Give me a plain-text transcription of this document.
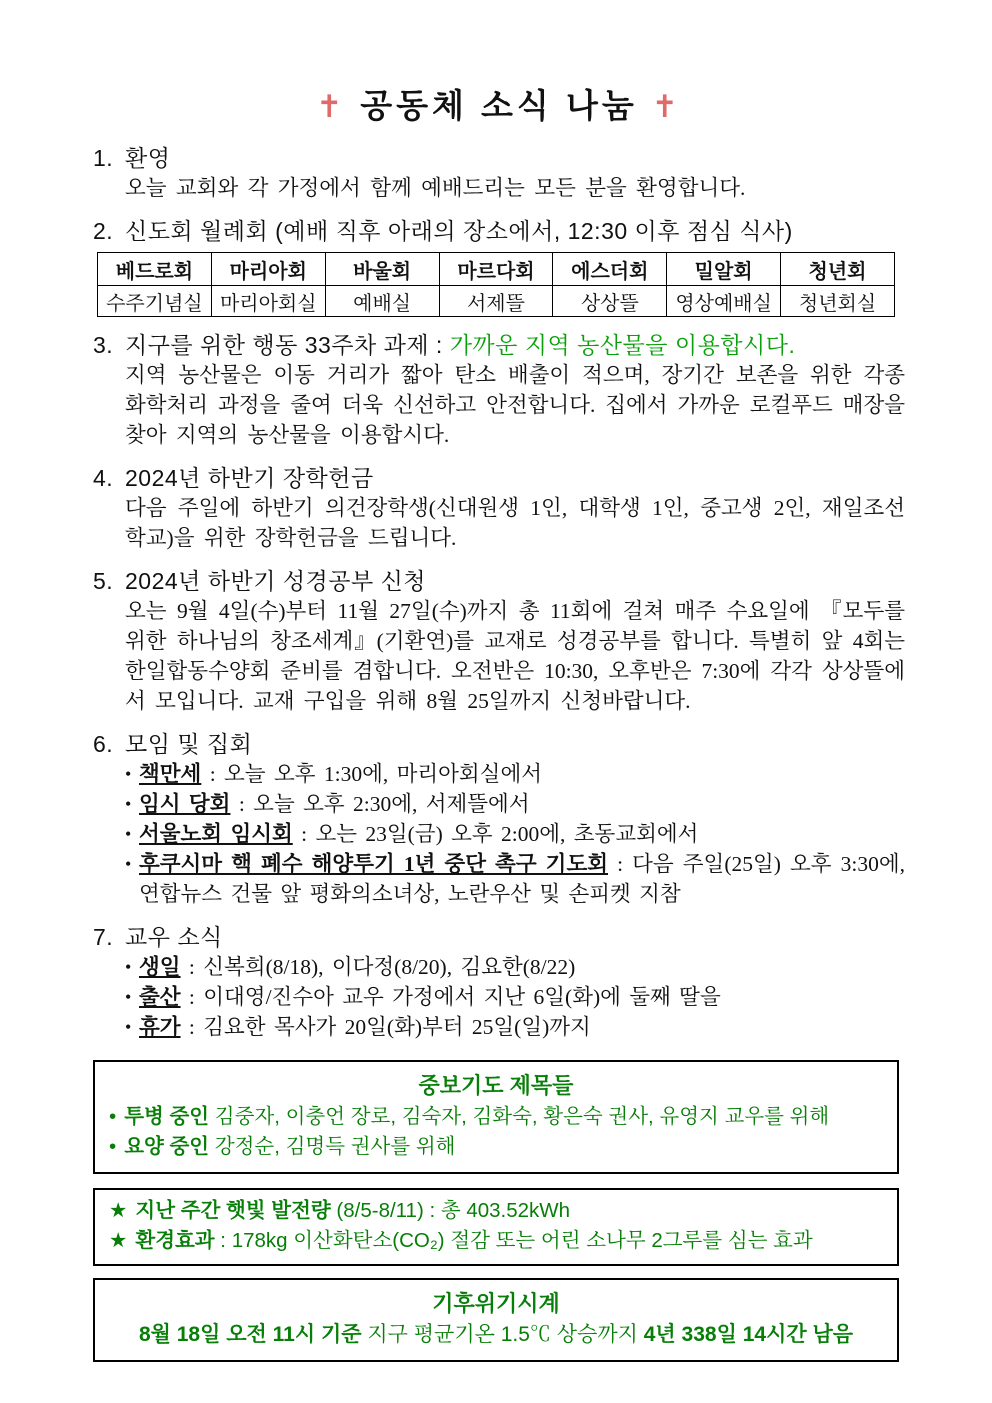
✝ 공동체 소식 나눔 ✝
1. 환영
오늘 교회와 각 가정에서 함께 예배드리는 모든 분을 환영합니다.
2. 신도회 월례회 (예배 직후 아래의 장소에서, 12:30 이후 점심 식사)
베드로회	마리아회	바울회	마르다회	에스더회	밀알회	청년회
수주기념실	마리아회실	예배실	서제뜰	상상뜰	영상예배실	청년회실
3. 지구를 위한 행동 33주차 과제 : 가까운 지역 농산물을 이용합시다.
지역 농산물은 이동 거리가 짧아 탄소 배출이 적으며, 장기간 보존을 위한 각종 화학처리 과정을 줄여 더욱 신선하고 안전합니다. 집에서 가까운 로컬푸드 매장을 찾아 지역의 농산물을 이용합시다.
4. 2024년 하반기 장학헌금
다음 주일에 하반기 의건장학생(신대원생 1인, 대학생 1인, 중고생 2인, 재일조선학교)을 위한 장학헌금을 드립니다.
5. 2024년 하반기 성경공부 신청
오는 9월 4일(수)부터 11월 27일(수)까지 총 11회에 걸쳐 매주 수요일에 『모두를 위한 하나님의 창조세계』(기환연)를 교재로 성경공부를 합니다. 특별히 앞 4회는 한일합동수양회 준비를 겸합니다. 오전반은 10:30, 오후반은 7:30에 각각 상상뜰에서 모입니다. 교재 구입을 위해 8월 25일까지 신청바랍니다.
6. 모임 및 집회
• 책만세 : 오늘 오후 1:30에, 마리아회실에서
• 임시 당회 : 오늘 오후 2:30에, 서제뜰에서
• 서울노회 임시회 : 오는 23일(금) 오후 2:00에, 초동교회에서
• 후쿠시마 핵 폐수 해양투기 1년 중단 촉구 기도회 : 다음 주일(25일) 오후 3:30에, 연합뉴스 건물 앞 평화의소녀상, 노란우산 및 손피켓 지참
7. 교우 소식
• 생일 : 신복희(8/18), 이다정(8/20), 김요한(8/22)
• 출산 : 이대영/진수아 교우 가정에서 지난 6일(화)에 둘째 딸을
• 휴가 : 김요한 목사가 20일(화)부터 25일(일)까지
중보기도 제목들
• 투병 중인 김중자, 이충언 장로, 김숙자, 김화숙, 황은숙 권사, 유영지 교우를 위해
• 요양 중인 강정순, 김명득 권사를 위해
★ 지난 주간 햇빛 발전량 (8/5-8/11) : 총 403.52kWh
★ 환경효과 : 178kg 이산화탄소(CO₂) 절감 또는 어린 소나무 2그루를 심는 효과
기후위기시계
8월 18일 오전 11시 기준 지구 평균기온 1.5℃ 상승까지 4년 338일 14시간 남음
